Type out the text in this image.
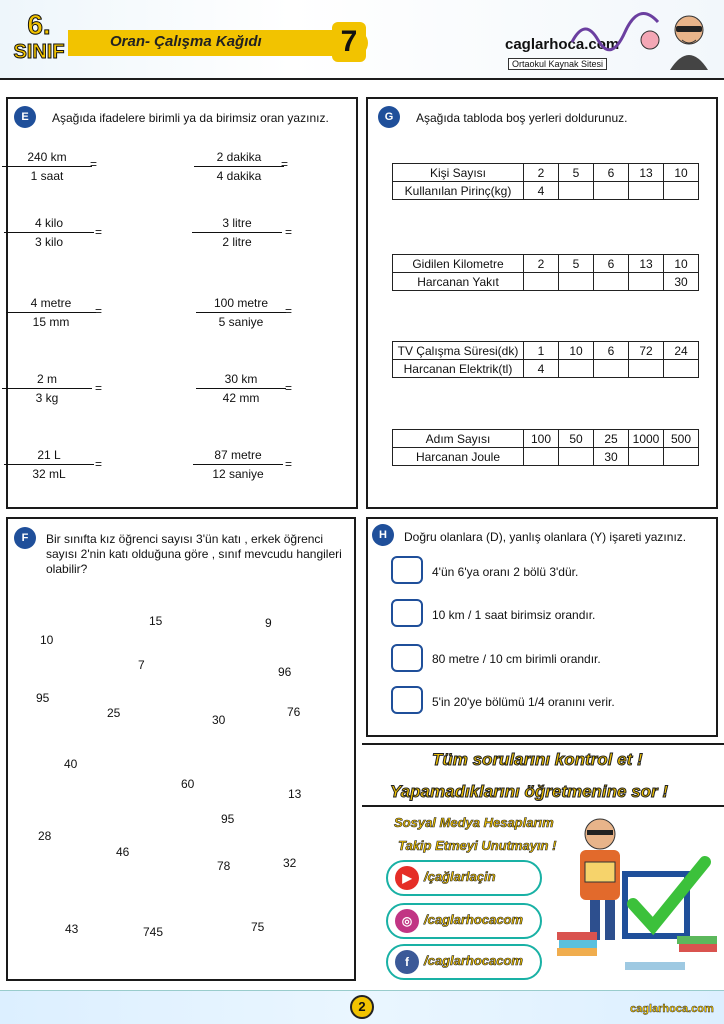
6.
SINIF	Oran- Çalışma Kağıdı	7	caglarhoca.com
Ortaokul Kaynak Sitesi
E	Aşağıda ifadelere birimli ya da birimsiz oran yazınız.
240 km
1 saat
=	2 dakika
4 dakika
=
4 kilo
3 kilo
=
3 litre
2 litre
=
4 metre
15 mm
=
100 metre
5 saniye
=
$\frac{2 m}{3 kg}$ =	$\frac{30 km}{42 mm}$ =
$\frac{21 L}{32 mL}$ =
87 metre
12 saniye
=
G	Aşağıda tabloda boş yerleri doldurunuz.
Kişi Sayısı	2	5	6	13	10
Kullanılan Pirinç(kg)	4				
Gidilen Kilometre	2	5	6	13	10
Harcanan Yakıt					30
TV Çalışma Süresi(dk)	1	10	6	72	24
Harcanan Elektrik(tl)	4				
Adım Sayısı	100	50	25	1000	500
Harcanan Joule			30		
F	Bir sınıfta kız öğrenci sayısı 3'ün katı , erkek öğrenci sayısı 2'nin katı olduğuna göre , sınıf mevcudu hangileri olabilir?
15	9
10
7	96
95
25	30
76
40
60
13
95
28
46
78	32
43	745	75
H	Doğru olanlara (D), yanlış olanlara (Y) işareti yazınız.
4'ün 6'ya oranı 2 bölü 3'dür.
10 km / 1 saat birimsiz orandır.
80 metre / 10 cm birimli orandır.
5'in 20'ye bölümü 1/4 oranını verir.
Tüm sorularını kontrol et !
Yapamadıklarını öğretmenine sor !
Sosyal Medya Hesaplarım
Takip Etmeyi Unutmayın !
▶ /çağlarlaçin
◎ /caglarhocacom
f	/caglarhocacom
2	caglarhoca.com
